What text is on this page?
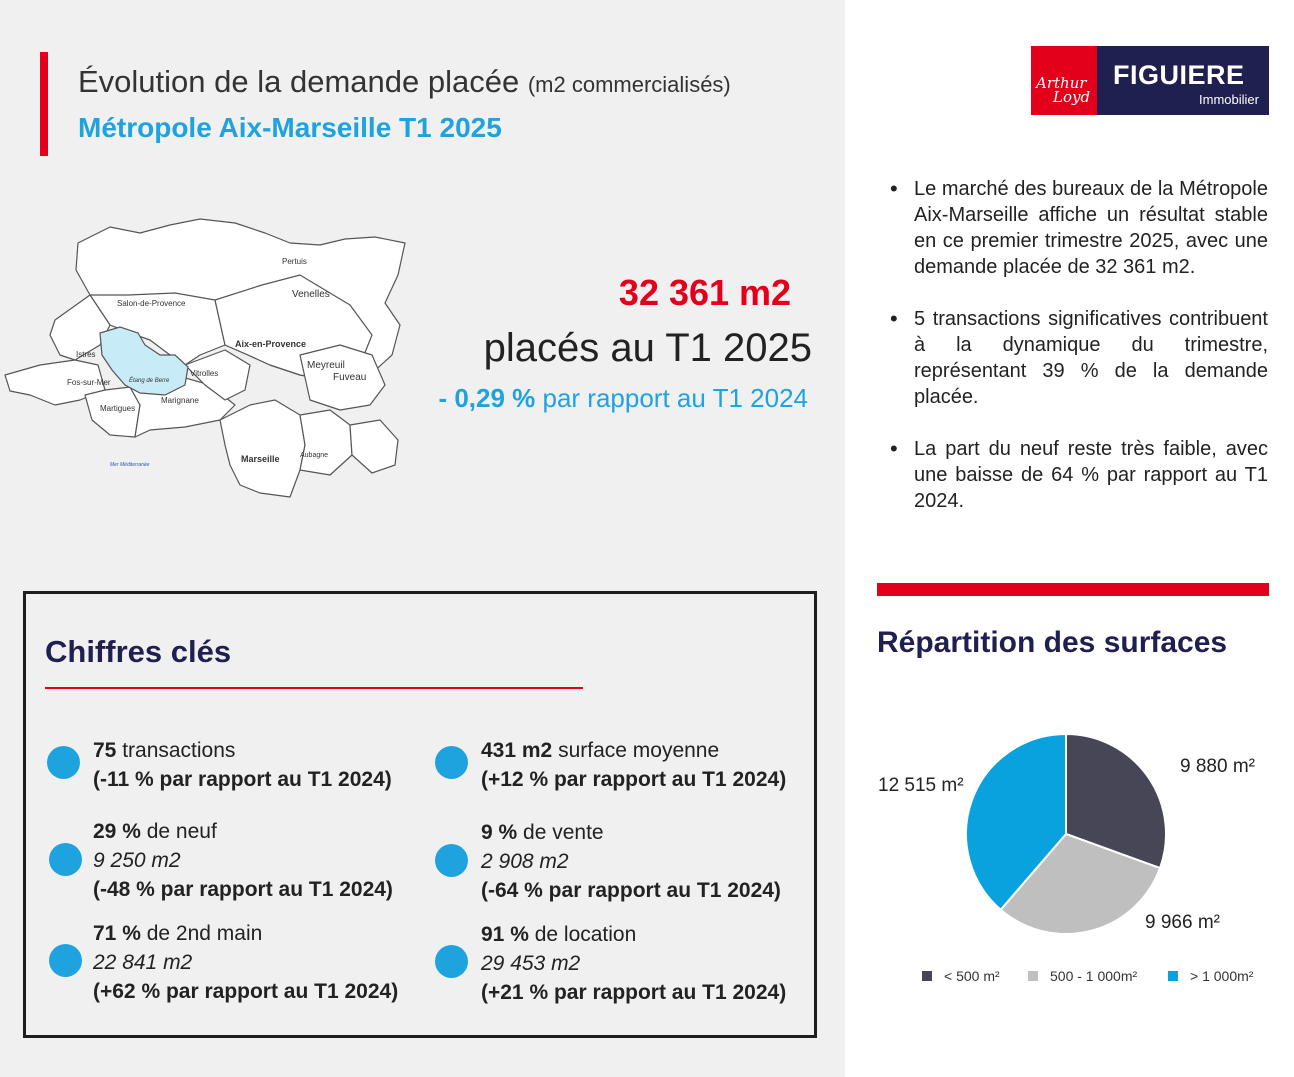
Évolution de la demande placée (m2 commercialisés)
Métropole Aix-Marseille T1 2025
Pertuis
Salon-de-Provence
Venelles
Aix-en-Provence
Istres
Étang de Berre
Vitrolles
Meyreuil
Fuveau
Fos-sur-Mer
Marignane
Martigues
Marseille	Aubagne
Mer Méditerranée
32 361 m2
placés au T1 2025
- 0,29 % par rapport au T1 2024
Chiffres clés
75 transactions
(-11 % par rapport au T1 2024)
431 m2 surface moyenne
(+12 % par rapport au T1 2024)
29 % de neuf
9 250 m2
(-48 % par rapport au T1 2024)
9 % de vente
2 908 m2
(-64 % par rapport au T1 2024)
71 % de 2nd main
22 841 m2
(+62 % par rapport au T1 2024)
91 % de location
29 453 m2
(+21 % par rapport au T1 2024)
Arthur
Loyd
FIGUIERE
Immobilier
• Le marché des bureaux de la Métropole Aix-Marseille affiche un résultat stable en ce premier trimestre 2025, avec une demande placée de 32 361 m2.
• 5 transactions significatives contribuent à la dynamique du trimestre, représentant 39 % de la demande placée.
• La part du neuf reste très faible, avec une baisse de 64 % par rapport au T1 2024.
Répartition des surfaces
9 880 m²
9 966 m²
12 515 m²
< 500 m²	500 - 1 000m²	> 1 000m²
